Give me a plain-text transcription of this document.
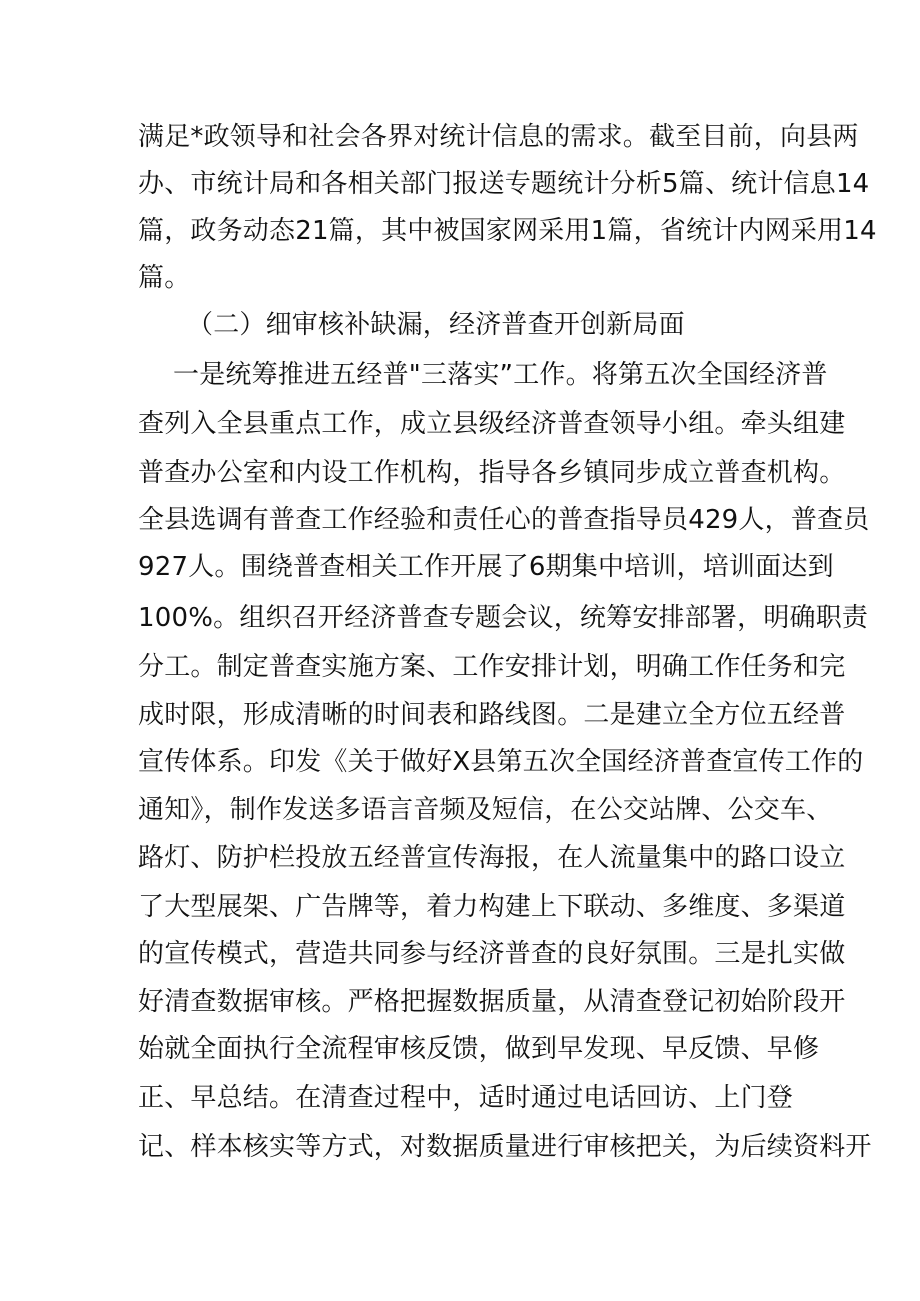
满足*政领导和社会各界对统计信息的需求。截至目前，向县两
办、市统计局和各相关部门报送专题统计分析5篇、统计信息14
篇，政务动态21篇，其中被国家网采用1篇，省统计内网采用14
篇。
（二）细审核补缺漏，经济普查开创新局面
一是统筹推进五经普"三落实”工作。将第五次全国经济普
查列入全县重点工作，成立县级经济普查领导小组。牵头组建
普查办公室和内设工作机构，指导各乡镇同步成立普查机构。
全县选调有普查工作经验和责任心的普查指导员429人，普查员
927人。围绕普查相关工作开展了6期集中培训，培训面达到
100%。组织召开经济普查专题会议，统筹安排部署，明确职责
分工。制定普查实施方案、工作安排计划，明确工作任务和完
成时限，形成清晰的时间表和路线图。二是建立全方位五经普
宣传体系。印发《关于做好X县第五次全国经济普查宣传工作的
通知》，制作发送多语言音频及短信，在公交站牌、公交车、
路灯、防护栏投放五经普宣传海报，在人流量集中的路口设立
了大型展架、广告牌等，着力构建上下联动、多维度、多渠道
的宣传模式，营造共同参与经济普查的良好氛围。三是扎实做
好清查数据审核。严格把握数据质量，从清查登记初始阶段开
始就全面执行全流程审核反馈，做到早发现、早反馈、早修
正、早总结。在清查过程中，适时通过电话回访、上门登
记、样本核实等方式，对数据质量进行审核把关，为后续资料开
